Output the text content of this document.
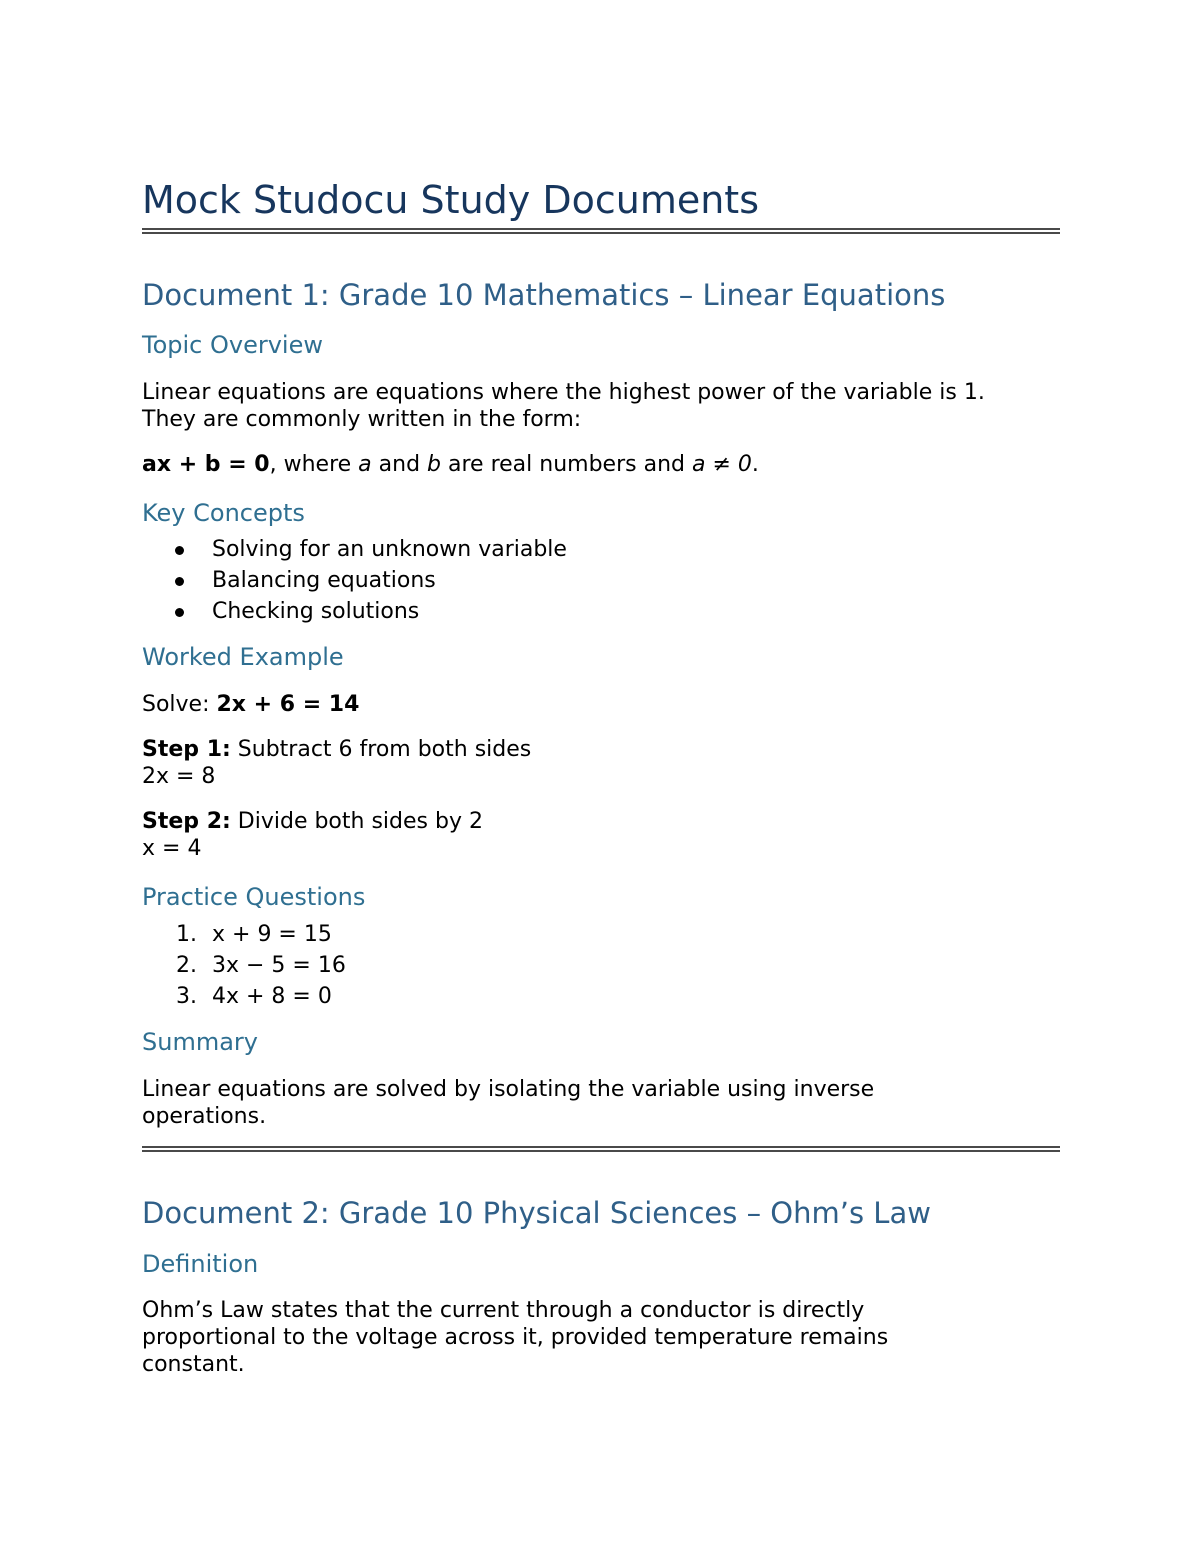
Mock Studocu Study Documents
Document 1: Grade 10 Mathematics – Linear Equations
Topic Overview

Linear equations are equations where the highest power of the variable is 1.
They are commonly written in the form:

ax + b = 0, where a and b are real numbers and a ≠ 0.

Key Concepts
Solving for an unknown variable
Balancing equations
Checking solutions
Worked Example

Solve: 2x + 6 = 14

Step 1: Subtract 6 from both sides
2x = 8

Step 2: Divide both sides by 2
x = 4

Practice Questions
1. x + 9 = 15
2. 3x − 5 = 16
3. 4x + 8 = 0
Summary

Linear equations are solved by isolating the variable using inverse
operations.

Document 2: Grade 10 Physical Sciences – Ohm’s Law
Definition

Ohm’s Law states that the current through a conductor is directly
proportional to the voltage across it, provided temperature remains
constant.
